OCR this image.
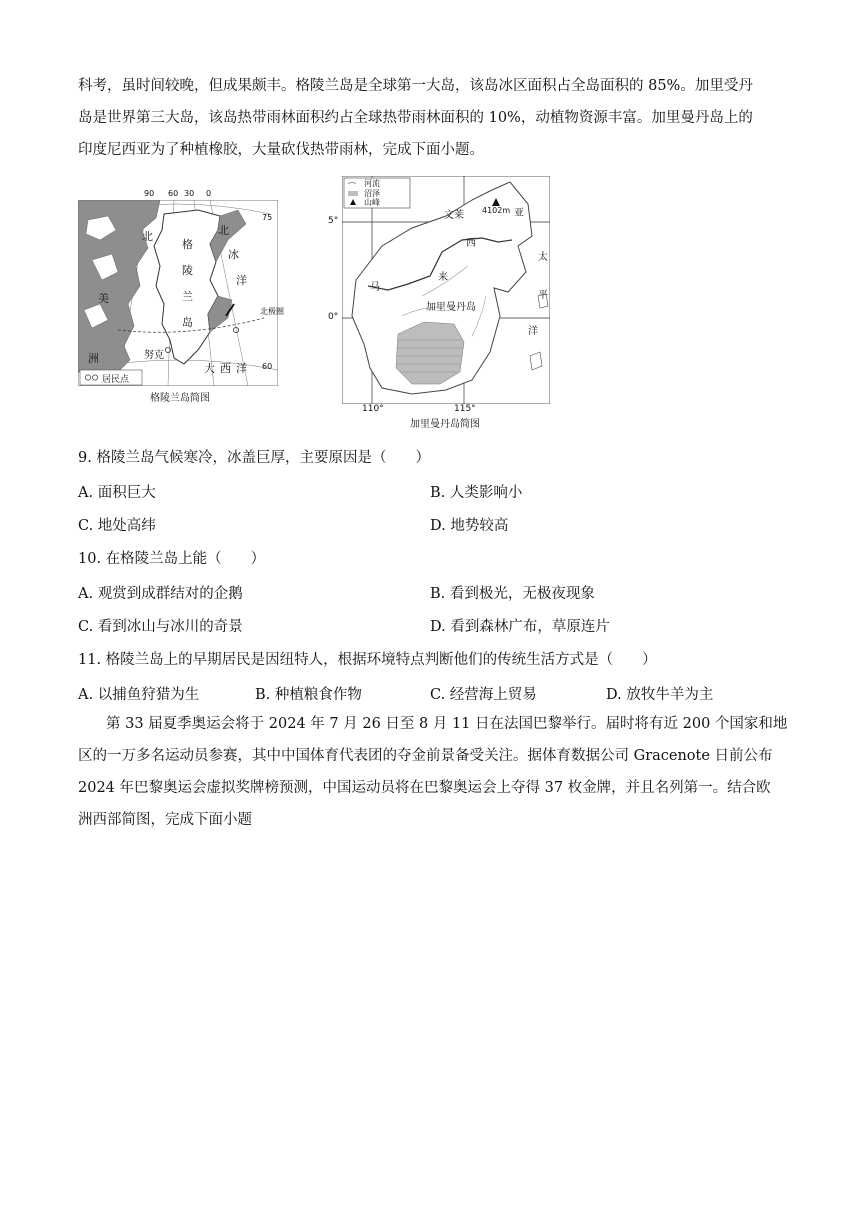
科考，虽时间较晚，但成果颇丰。格陵兰岛是全球第一大岛，该岛冰区面积占全岛面积的 85%。加里受丹
岛是世界第三大岛，该岛热带雨林面积约占全球热带雨林面积的 10%，动植物资源丰富。加里曼丹岛上的
印度尼西亚为了种植橡胶，大量砍伐热带雨林，完成下面小题。
90 60 30 0
75
60
北极圈
格
陵
兰
岛
北
冰
洋
大 西 洋
美
洲
北
努克
居民点
格陵兰岛简图
河流
沼泽
山峰
4102m
文莱	亚
西
来
马
加里曼丹岛
太
平
洋
5°
0°
110°	115°
加里曼丹岛简图
9. 格陵兰岛气候寒冷，冰盖巨厚，主要原因是（　　）
A. 面积巨大	B. 人类影响小
C. 地处高纬	D. 地势较高
10. 在格陵兰岛上能（　　）
A. 观赏到成群结对的企鹅	B. 看到极光，无极夜现象
C. 看到冰山与冰川的奇景	D. 看到森林广布，草原连片
11. 格陵兰岛上的早期居民是因纽特人，根据环境特点判断他们的传统生活方式是（　　）
A. 以捕鱼狩猎为生	B. 种植粮食作物	C. 经营海上贸易	D. 放牧牛羊为主
第 33 届夏季奥运会将于 2024 年 7 月 26 日至 8 月 11 日在法国巴黎举行。届时将有近 200 个国家和地
区的一万多名运动员参赛，其中中国体育代表团的夺金前景备受关注。据体育数据公司 Gracenote 日前公布
2024 年巴黎奥运会虚拟奖牌榜预测，中国运动员将在巴黎奥运会上夺得 37 枚金牌，并且名列第一。结合欧
洲西部简图，完成下面小题
